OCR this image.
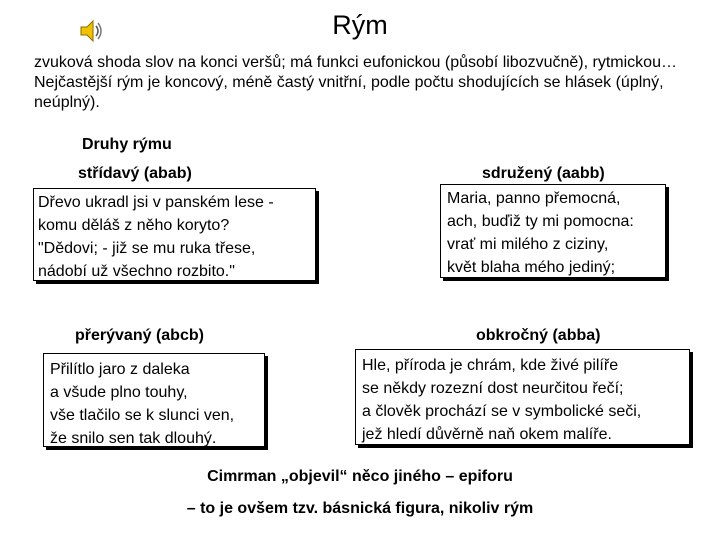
Rým
zvuková shoda slov na konci veršů; má funkci eufonickou (působí libozvučně), rytmickou…Nejčastější rým je koncový, méně častý vnitřní, podle počtu shodujících se hlásek (úplný, neúplný).
Druhy rýmu
střídavý (abab)
Dřevo ukradl jsi v panském lese -
komu děláš z něho koryto?
"Dědovi; - již se mu ruka třese,
nádobí už všechno rozbito."
sdružený (aabb)
Maria, panno přemocná,
ach, buďiž ty mi pomocna:
vrať mi milého z ciziny,
květ blaha mého jediný;
přerývaný (abcb)
Přilítlo jaro z daleka
a všude plno touhy,
vše tlačilo se k slunci ven,
že snilo sen tak dlouhý.
obkročný (abba)
Hle, příroda je chrám, kde živé pilíře
se někdy rozezní dost neurčitou řečí;
a člověk prochází se v symbolické seči,
jež hledí důvěrně naň okem malíře.
Cimrman „objevil“ něco jiného – epiforu
– to je ovšem tzv. básnická figura, nikoliv rým
